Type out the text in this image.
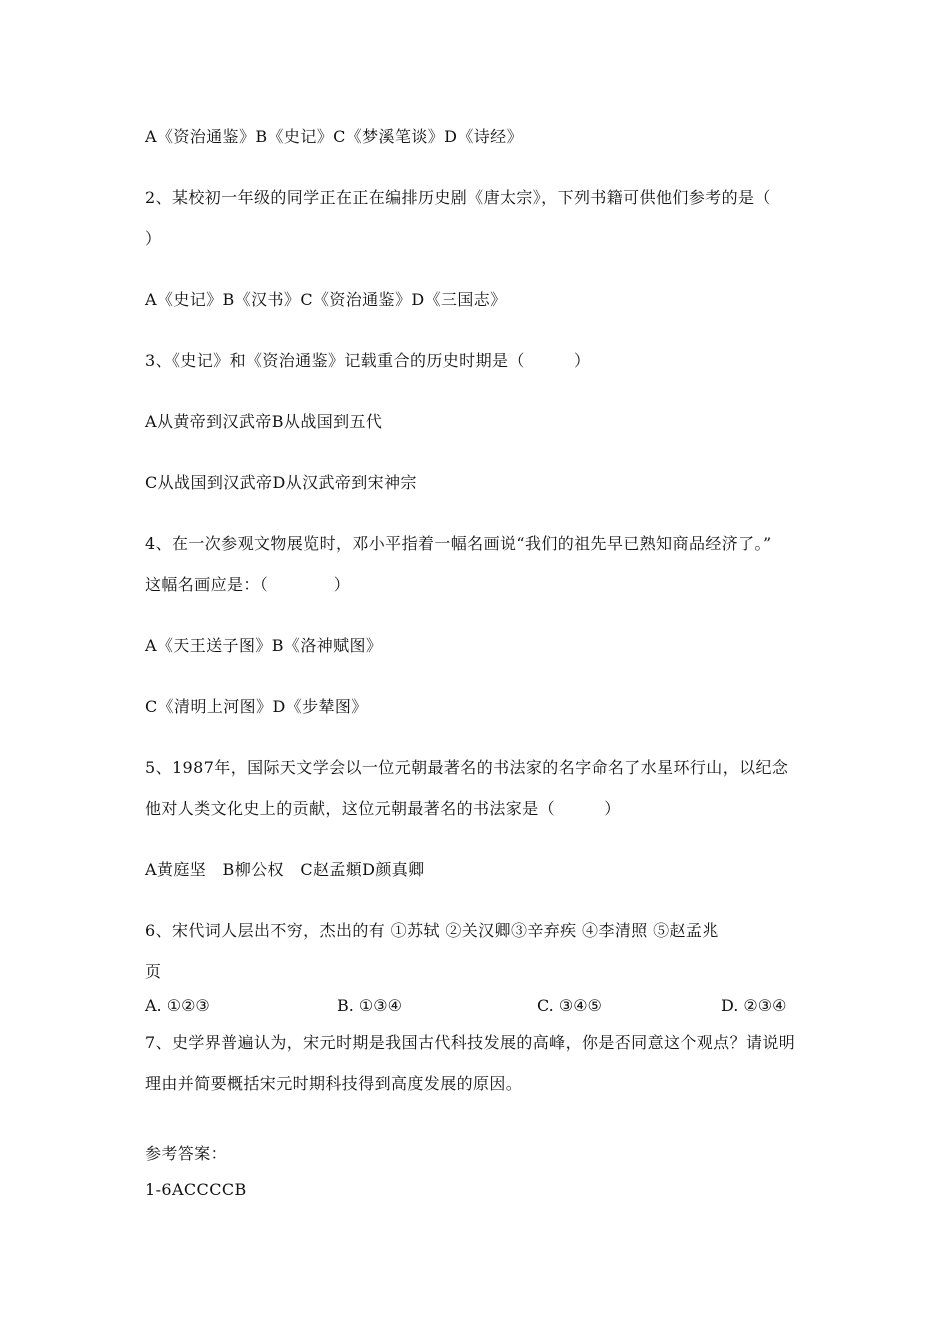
A《资治通鉴》B《史记》C《梦溪笔谈》D《诗经》
2、某校初一年级的同学正在正在编排历史剧《唐太宗》，下列书籍可供他们参考的是（
）
A《史记》B《汉书》C《资治通鉴》D《三国志》
3、《史记》和《资治通鉴》记载重合的历史时期是（　　　）
A从黄帝到汉武帝B从战国到五代
C从战国到汉武帝D从汉武帝到宋神宗
4、在一次参观文物展览时，邓小平指着一幅名画说“我们的祖先早已熟知商品经济了。”
这幅名画应是：（　　　　）
A《天王送子图》B《洛神赋图》
C《清明上河图》D《步辇图》
5、1987年，国际天文学会以一位元朝最著名的书法家的名字命名了水星环行山，以纪念
他对人类文化史上的贡献，这位元朝最著名的书法家是（　　　）
A黄庭坚　B柳公权　C赵孟頫D颜真卿
6、宋代词人层出不穷，杰出的有 ①苏轼 ②关汉卿③辛弃疾 ④李清照 ⑤赵孟兆
页
A. ①②③	B. ①③④	C. ③④⑤	D. ②③④
7、史学界普遍认为，宋元时期是我国古代科技发展的高峰，你是否同意这个观点？请说明
理由并简要概括宋元时期科技得到高度发展的原因。
参考答案：
1-6ACCCCB
